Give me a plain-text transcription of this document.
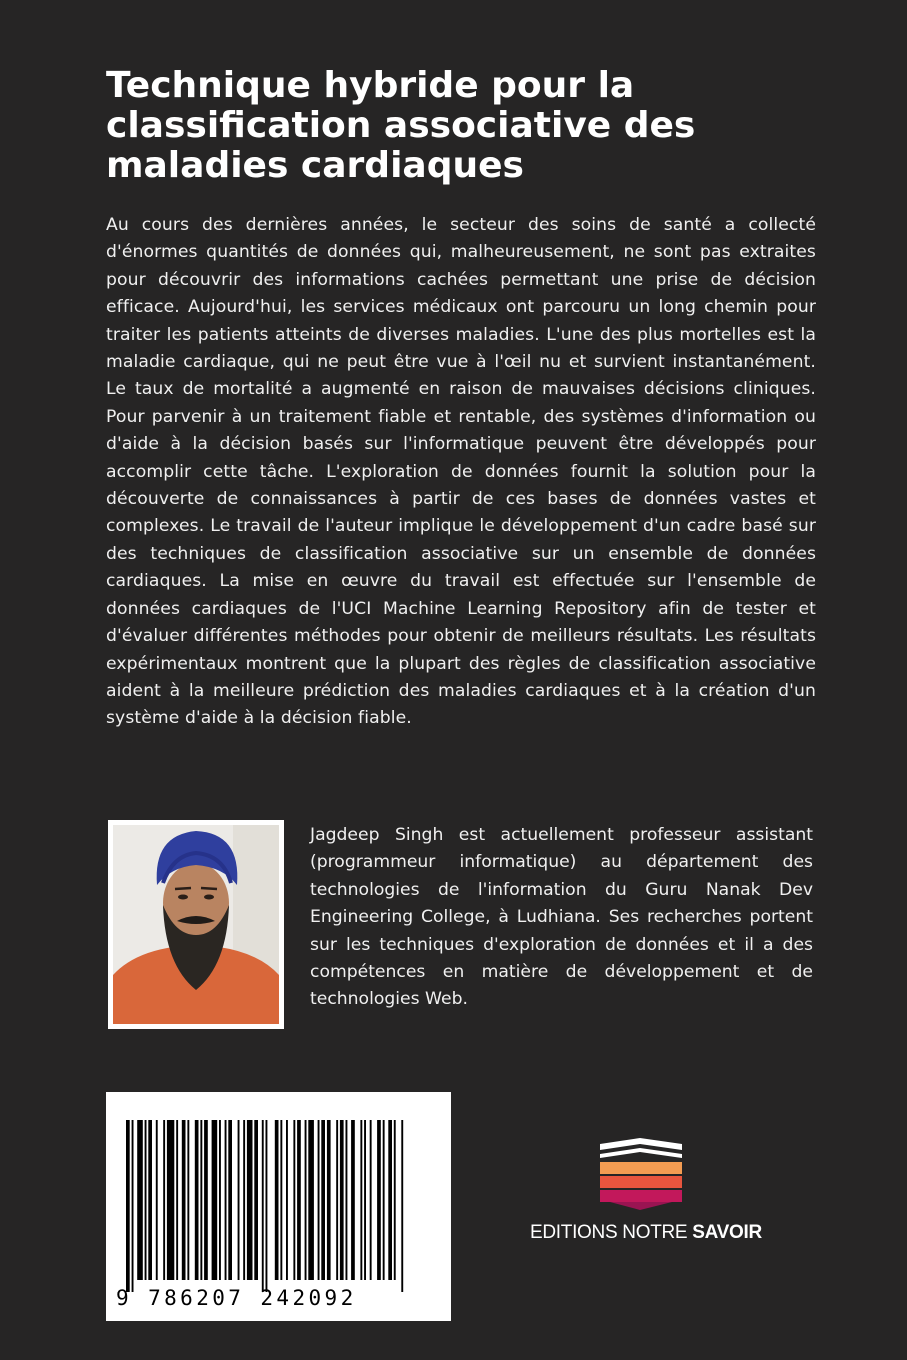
Technique hybride pour la classification associative des maladies cardiaques

Au cours des dernières années, le secteur des soins de santé a collecté d'énormes quantités de données qui, malheureusement, ne sont pas extraites pour découvrir des informations cachées permettant une prise de décision efficace. Aujourd'hui, les services médicaux ont parcouru un long chemin pour traiter les patients atteints de diverses maladies. L'une des plus mortelles est la maladie cardiaque, qui ne peut être vue à l'œil nu et survient instantanément. Le taux de mortalité a augmenté en raison de mauvaises décisions cliniques. Pour parvenir à un traitement fiable et rentable, des systèmes d'information ou d'aide à la décision basés sur l'informatique peuvent être développés pour accomplir cette tâche. L'exploration de données fournit la solution pour la découverte de connaissances à partir de ces bases de données vastes et complexes. Le travail de l'auteur implique le développement d'un cadre basé sur des techniques de classification associative sur un ensemble de données cardiaques. La mise en œuvre du travail est effectuée sur l'ensemble de données cardiaques de l'UCI Machine Learning Repository afin de tester et d'évaluer différentes méthodes pour obtenir de meilleurs résultats. Les résultats expérimentaux montrent que la plupart des règles de classification associative aident à la meilleure prédiction des maladies cardiaques et à la création d'un système d'aide à la décision fiable.

Jagdeep Singh est actuellement professeur assistant (programmeur informatique) au département des technologies de l'information du Guru Nanak Dev Engineering College, à Ludhiana. Ses recherches portent sur les techniques d'exploration de données et il a des compétences en matière de développement et de technologies Web.

9 786207 242092
EDITIONS NOTRE SAVOIR
